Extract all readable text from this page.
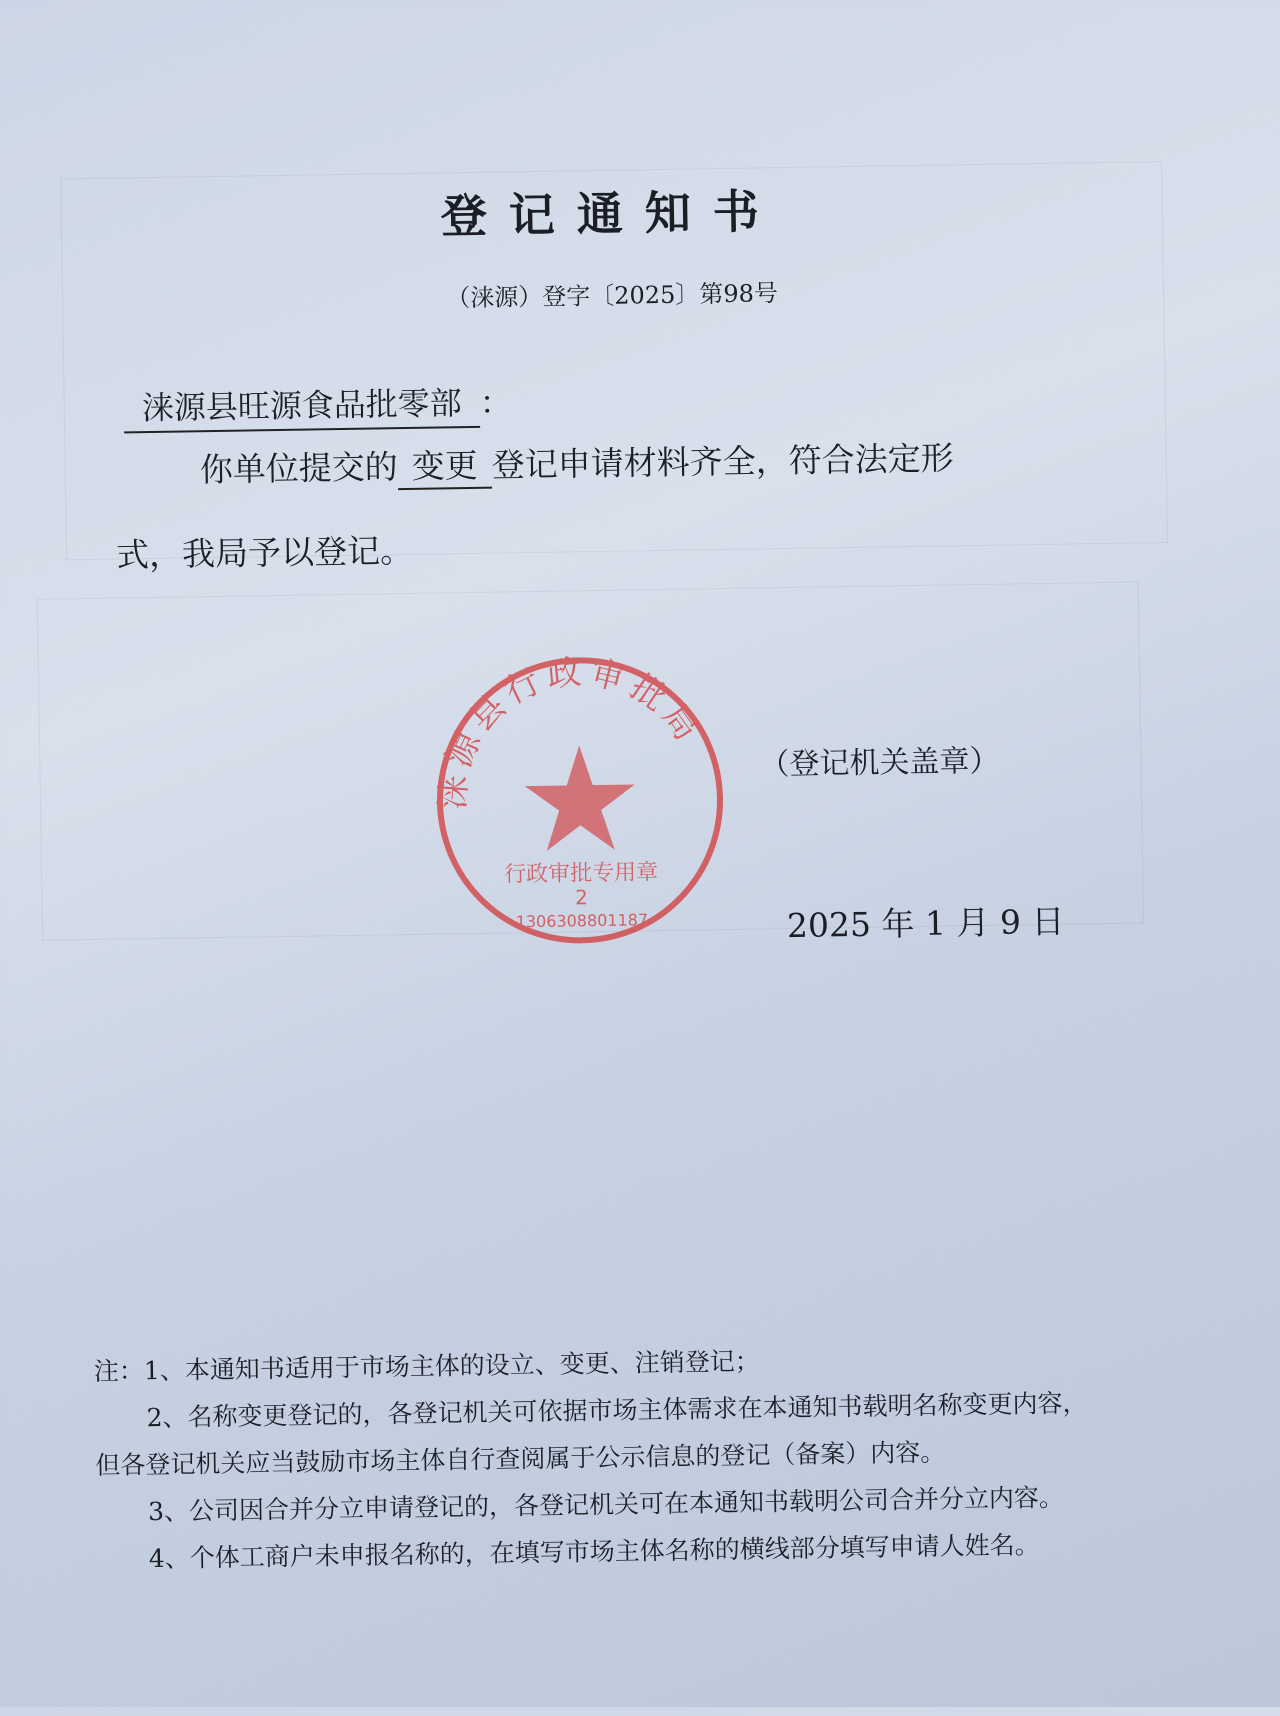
登记通知书
（涞源）登字〔2025〕第98号
涞源县旺源食品批零部 ：
你单位提交的 变更 登记申请材料齐全，符合法定形
式，我局予以登记。
涞源县行政审批局
行政审批专用章
2
1306308801187
（登记机关盖章）
2025 年 1 月 9 日
注：1、本通知书适用于市场主体的设立、变更、注销登记；
2、名称变更登记的，各登记机关可依据市场主体需求在本通知书载明名称变更内容，
但各登记机关应当鼓励市场主体自行查阅属于公示信息的登记（备案）内容。
3、公司因合并分立申请登记的，各登记机关可在本通知书载明公司合并分立内容。
4、个体工商户未申报名称的，在填写市场主体名称的横线部分填写申请人姓名。
